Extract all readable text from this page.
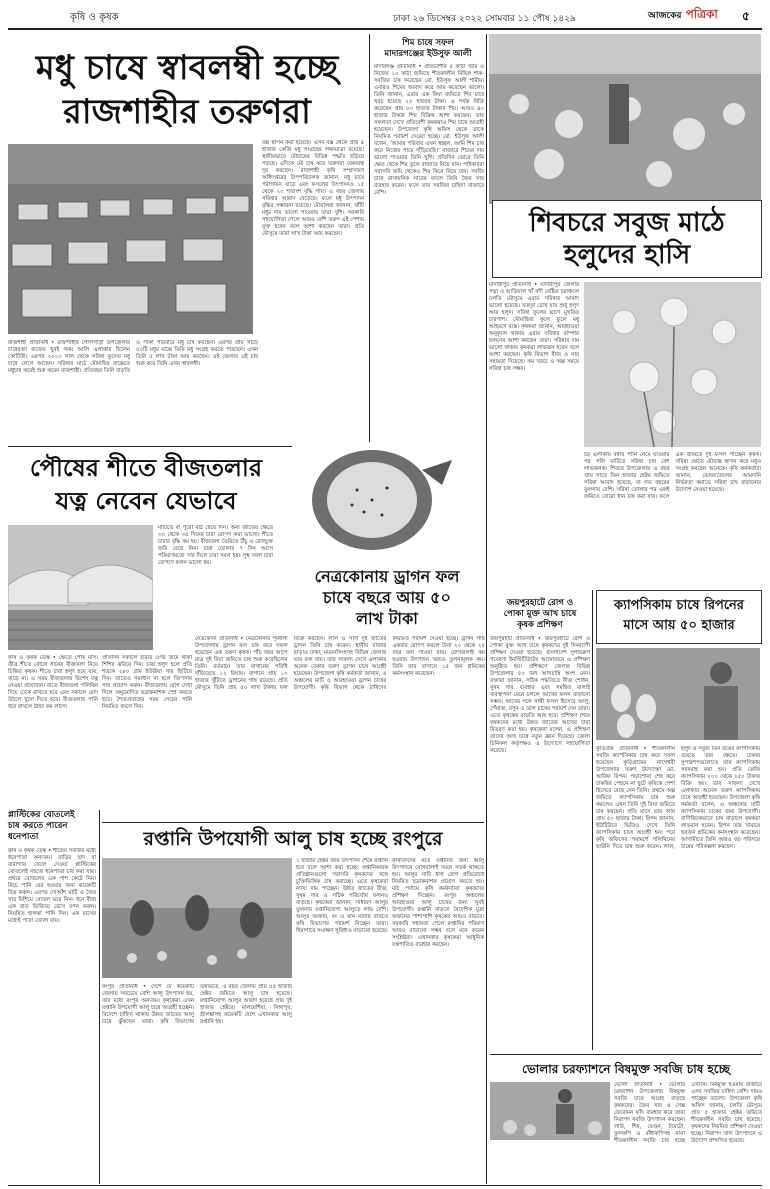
কৃষি ও কৃষক	ঢাকা ২৬ ডিসেম্বর ২০২২ সোমবার ১১ পৌষ ১৪২৯	আজকের পত্রিকা ৫
মধু চাষে স্বাবলম্বী হচ্ছে
রাজশাহীর তরুণরা
বক্স স্থাপন করা হয়েছে। এসব বক্স থেকে প্রায় ৪ হাজার কেজি মধু সংগ্রহের লক্ষ্যমাত্রা রয়েছে। স্থানীয়ভাবে মৌচাষের বিভিন্ন পদ্ধতি ছড়িয়ে পড়ছে। এদিকে মৌ চাষ করে তরুণরা বেকারত্ব দূর করছেন। রাজশাহী কৃষি সম্প্রসারণ অধিদপ্তরের উপপরিচালক জানান, মধু চাষে পরাগায়ন বাড়ে এবং ফসলের উৎপাদনও ১৫ থেকে ২০ শতাংশ বৃদ্ধি পায়। এ বছর জেলায় সরিষার আবাদ বেড়েছে। ফলে মধু উৎপাদন বৃদ্ধির সম্ভাবনা রয়েছে। মৌয়ালরা জানান, খাঁটি মধুর দাম ভালো পাওয়ায় তারা খুশি। সরকারি সহযোগিতা পেলে আরও বেশি তরুণ এই পেশায় যুক্ত হবেন বলে আশা করছেন তারা। প্রতি মৌসুমে তারা লাখ টাকা আয় করছেন।
রাজশাহী প্রতিনিধি • রাজশাহীর গোদাগাড়ী উপজেলার চাষেরজা রাজেব খুবই গরম আলি এলাকায় ছিলেন কোটিতী। এরপর ২০১৩ সাল থেকে সরিষা ফুলের মধু চাষে লেগে আছেন। সরিষার মাঠে মৌমাছির বাক্সেতে মধুচাষ করেই শুরু করেন রাজশাহী। প্রতিবছর তিনি বাড়তি ও পাকা পরিবারে মধু চাষ করছেন। এরপর প্রায় সাড়ে ৫০টি মধুর বাক্সে তিনি মধু সংগ্রহ করতে পারছেন। এখন তিনি ৫ লাখ টাকা আয় করছেন। এই জেলায় এই চাষ শুরু করে তিনি এখন স্বাবলম্বী।
শিম চাষে সফল
মাদারগঞ্জের ইউসুফ আলী
মাদারগঞ্জ প্রতিনিধি • প্রতিবেশীর ৫ কাঠা জমি ও নিজের ১০ কাঠা জমিতে শীতকালীন বিভিন্ন শাক-সবজির চাষ করেছেন মো. ইউসুফ আলী শামীম। এবারও শিমের আবাদ করে আয় করেছেন ভালো। তিনি জানান, এবার এক বিঘা জমিতে শিম চাষে খরচ হয়েছে ২৫ হাজার টাকা। এ পর্যন্ত বিক্রি করেছেন প্রায় ৮০ হাজার টাকার শিম। আরও ৪০ হাজার টাকার শিম বিক্রির আশা করছেন। তার সফলতা দেখে প্রতিবেশী কৃষকরাও শিম চাষে আগ্রহী হয়েছেন। উপজেলা কৃষি অফিস থেকে তাকে নিয়মিত পরামর্শ দেওয়া হচ্ছে। মো. ইউসুফ আলী বলেন, ‘আমার পরিবার এখন স্বচ্ছল, আমি শিম চাষ করে নিজের পায়ে দাঁড়িয়েছি।’ বাজারে শিমের দাম ভালো পাওয়ায় তিনি খুশি। প্রতিদিন ভোরে তিনি ক্ষেত থেকে শিম তুলে বাজারে নিয়ে যান। পাইকাররা সরাসরি জমি থেকেও শিম কিনে নিয়ে যান। সবজি চাষে রাসায়নিক সারের বদলে তিনি জৈব সার ব্যবহার করেন। ফলে তার সবজির চাহিদা বাজারে বেশি।
শিবচরে সবুজ মাঠে
হলুদের হাসি
মাদারীপুর প্রতিনিধি • মাদারীপুর জেলার পদ্মা ও আড়িয়াল খাঁ নদী বেষ্টিত চরাঞ্চলে চলতি মৌসুমে এবার সরিষার আবাদ ভালো হয়েছে। যতদূর চোখ যায় শুধু হলুদ আর হলুদ। সরিষা ফুলের ঘ্রাণে মুখরিত চারপাশ। মৌমাছিরা ফুলে ফুলে মধু আহরণে ব্যস্ত। কৃষকরা জানান, আবহাওয়া অনুকূলে থাকায় এবার সরিষার বাম্পার ফলনের আশা করছেন তারা। সরিষার দাম ভালো থাকায় কৃষকরা লাভবান হবেন বলে আশা করছেন। কৃষি বিভাগ বীজ ও সার সহায়তা দিয়েছে। কম খরচে ও অল্প সময়ে সরিষা চাষ সম্ভব।
চর এলাকায় বর্ষার পানি নেমে যাওয়ার পর পলি মাটিতে সরিষা চাষ বেশ লাভজনক। শিবচর উপজেলায় এ বছর প্রায় সাড়ে তিন হাজার হেক্টর জমিতে সরিষা আবাদ হয়েছে, যা গত বছরের তুলনায় বেশি। সরিষা তোলার পর একই জমিতে বোরো ধান চাষ করা যায়। ফলে এক জমিতে দুই ফসল পাচ্ছেন কৃষক। সরিষা ক্ষেতে মৌবাক্স স্থাপন করে মধুও সংগ্রহ করছেন অনেকে। কৃষি কর্মকর্তারা জানান, ভোজ্যতেলের আমদানি নির্ভরতা কমাতে সরিষা চাষ বাড়ানোর উদ্যোগ নেওয়া হয়েছে।
পৌষের শীতে বীজতলার
যত্ন নেবেন যেভাবে
মাটিতে বা পুরো মাঠ ছেয়ে দিন। অন্য জাতের ক্ষেত্রে ৩০ থেকে ৩৫ দিনের চারা রোপণ করা ভালো। শীতে চারার বৃদ্ধি কম হয়। বীজতলা তৈরিতে উঁচু ও রোদযুক্ত জমি বেছে নিন। চারা তোলার ৭ দিন আগে পরিমাণমতো সার দিলে চারা সবল হয়। সুস্থ সবল চারা রোপণে ফলন ভালো হয়।
কৃষি ও কৃষক ডেস্ক • ক্ষেতে পৌষ মাস। তীব্র শীতে বোরো ধানের বীজতলা নিয়ে চিন্তিত কৃষক। শীতে চারা হলুদ হয়ে যায়, বাড়ে না। এ সময় বীজতলায় বিশেষ যত্ন নেওয়া প্রয়োজন। রাতে বীজতলা পলিথিন দিয়ে ঢেকে রাখতে হবে এবং সকালে রোদ উঠলে খুলে দিতে হবে। বীজতলায় পানি ধরে রাখলে ঠান্ডা কম লাগে।
প্রতিদিন সকালে চারার ওপর জমে থাকা শিশির ঝরিয়ে দিন। চারা হলুদ হলে প্রতি শতকে ২৮০ গ্রাম ইউরিয়া সার ছিটিয়ে দিন। তাতেও সমাধান না হলে জিপসাম সার প্রয়োগ করুন। বীজতলায় রোগ দেখা দিলে অনুমোদিত ছত্রাকনাশক স্প্রে করতে হবে। শৈত্যপ্রবাহের সময় সেচের পানি নিয়মিত বদলে দিন।
প্লাস্টিকের বোতলেই
চাষ করতে পারেন
ধনেপাতা
কৃষি ও কৃষক ডেস্ক • শীতের সবজির মধ্যে ধনেপাতা অন্যতম। বাড়ির ছাদ বা বারান্দায় ফেলে দেওয়া প্লাস্টিকের বোতলেই সহজে ধনেপাতা চাষ করা যায়। প্রথমে বোতলের এক পাশ কেটে নিন। নিচে পানি বের হওয়ার জন্য কয়েকটি ছিদ্র করুন। এরপর দোআঁশ মাটি ও জৈব সার মিশিয়ে বোতল ভরে নিন। ধনে বীজ এক রাত ভিজিয়ে রেখে বপন করুন। নিয়মিত হালকা পানি দিন। এক মাসের মধ্যেই পাতা তোলা যায়।
নেত্রকোনায় ড্রাগন ফল
চাষে বছরে আয় ৫০
লাখ টাকা
নেত্রকোনা প্রতিনিধি • নেত্রকোনার পূর্বধলা উপজেলায় ড্রাগন ফল চাষ করে সফল হয়েছেন এক তরুণ কৃষক। পাঁচ বছর আগে মাত্র দুই বিঘা জমিতে চাষ শুরু করেছিলেন তিনি। বর্তমানে তার বাগানের পরিধি দাঁড়িয়েছে ১২ বিঘায়। বাগানে প্রায় ১০ হাজার খুঁটিতে ড্রাগনের গাছ রয়েছে। প্রতি মৌসুমে তিনি প্রায় ৫০ লাখ টাকার ফল বিক্রি করছেন। লাল ও সাদা দুই জাতের ড্রাগন তিনি চাষ করেন। স্থানীয় বাজার ছাড়াও ঢাকা, ময়মনসিংহসহ বিভিন্ন জেলায় তার ফল যায়। তার সাফল্য দেখে এলাকার অনেক বেকার তরুণ ড্রাগন চাষে আগ্রহী হয়েছেন। উপজেলা কৃষি কর্মকর্তা জানান, এ অঞ্চলের মাটি ও আবহাওয়া ড্রাগন চাষের উপযোগী। কৃষি বিভাগ থেকে চাষিদের নিয়মিত পরামর্শ দেওয়া হচ্ছে। ড্রাগন গাছ একবার রোপণ করলে টানা ২০ থেকে ২৫ বছর ফল পাওয়া যায়। রোগবালাই কম হওয়ায় উৎপাদন খরচও তুলনামূলক কম। তিনি তার বাগানে ১৫ জন শ্রমিকের কর্মসংস্থান করেছেন।
জয়পুরহাটে রোগ ও
পোকা মুক্ত আখ চাষে
কৃষক প্রশিক্ষণ
জয়পুরহাট প্রতিনিধি • জয়পুরহাটে রোগ ও পোকা মুক্ত আখ চাষে কৃষকদের দুই দিনব্যাপী প্রশিক্ষণ দেওয়া হয়েছে। বাংলাদেশ সুগারক্রপ গবেষণা ইনস্টিটিউটের আয়োজনে এ প্রশিক্ষণ অনুষ্ঠিত হয়। প্রশিক্ষণে জেলার বিভিন্ন উপজেলার ৫০ জন আখচাষি অংশ নেন। বক্তারা জানান, সঠিক পদ্ধতিতে বীজ শোধন, সুষম সার ব্যবহার এবং সমন্বিত বালাই ব্যবস্থাপনা মেনে চললে আখের ফলন বাড়ানো সম্ভব। আখের সঙ্গে সাথী ফসল হিসেবে আলু, পেঁয়াজ, রসুন ও ডাল চাষের পরামর্শ দেন তারা। এতে কৃষকের বাড়তি আয় হবে। প্রশিক্ষণ শেষে কৃষকদের মধ্যে উন্নত জাতের আখের চারা বিতরণ করা হয়। কৃষকেরা বলেন, এ প্রশিক্ষণ তাদের আখ চাষে নতুন জ্ঞান দিয়েছে। জেলা চিনিকল কর্তৃপক্ষও এ উদ্যোগে সহযোগিতা করেছে।
ক্যাপসিকাম চাষে রিপনের
মাসে আয় ৫০ হাজার
কুড়িগ্রাম প্রতিনিধি • শীতকালীন সবজি ক্যাপসিকাম চাষ করে সফল হয়েছেন কুড়িগ্রামের নাগেশ্বরী উপজেলার তরুণ উদ্যোক্তা মো. আরিফ রিপন। পড়াশোনা শেষ করে চাকরির পেছনে না ছুটে কৃষিকে পেশা হিসেবে বেছে নেন তিনি। প্রথমে অল্প জমিতে ক্যাপসিকাম চাষ শুরু করলেও এখন তিনি দুই বিঘা জমিতে চাষ করছেন। প্রতি মাসে তার আয় প্রায় ৫০ হাজার টাকা। রিপন জানান, ইউটিউবে ভিডিও দেখে তিনি ক্যাপসিকাম চাষে আগ্রহী হন। পরে কৃষি অফিসের পরামর্শে পলিথিনের ছাউনি দিয়ে চাষ শুরু করেন। লাল, হলুদ ও সবুজ তিন রঙের ক্যাপসিকাম রয়েছে তার ক্ষেতে। ঢাকার সুপারশপগুলোতে তার ক্যাপসিকাম সরবরাহ করা হয়। প্রতি কেজি ক্যাপসিকাম ২০০ থেকে ২৫০ টাকায় বিক্রি হয়। তার সাফল্য দেখে এলাকার অনেক তরুণ ক্যাপসিকাম চাষে আগ্রহী হয়েছেন। উপজেলা কৃষি কর্মকর্তা বলেন, এ অঞ্চলের মাটি ক্যাপসিকাম চাষের জন্য উপযোগী। বাণিজ্যিকভাবে চাষ বাড়ালে কৃষকরা লাভবান হবেন। রিপন তার খামারে ছয়জন শ্রমিকের কর্মসংস্থান করেছেন। আগামীতে তিনি আরও বড় পরিসরে চাষের পরিকল্পনা করছেন।
রপ্তানি উপযোগী আলু চাষ হচ্ছে রংপুরে
রংপুর প্রতিনিধি • দেশে যে কয়েকটি জেলায় সবচেয়ে বেশি আলু উৎপাদন হয়, তার মধ্যে রংপুর অন্যতম। কৃষকেরা এখন রপ্তানি উপযোগী আলু চাষে আগ্রহী হচ্ছেন। বিদেশে চাহিদা থাকায় উন্নত জাতের আলু চাষে ঝুঁকছেন তারা। কৃষি বিভাগের তথ্যমতে, এ বছর জেলায় প্রায় ৫৫ হাজার হেক্টর জমিতে আলু চাষ হয়েছে। রপ্তানিযোগ্য আলুর আবাদ হয়েছে প্রায় দুই হাজার হেক্টরে। মালয়েশিয়া, সিঙ্গাপুর, শ্রীলঙ্কাসহ কয়েকটি দেশে এখানকার আলু রপ্তানি হয়।
১ হাজার হেক্টর জমি উৎপাদন শেষে রপ্তানি হবে বলে আশা করা হচ্ছে। রপ্তানিকারক প্রতিষ্ঠানগুলো সরাসরি কৃষকদের সঙ্গে চুক্তিভিত্তিক চাষ করাচ্ছে। এতে কৃষকেরা ন্যায্য দাম পাচ্ছেন। উন্নত জাতের বীজ, সুষম সার ও সঠিক পরিচর্যায় ফলনও বাড়ছে। কৃষকেরা জানান, সাধারণ আলুর তুলনায় রপ্তানিযোগ্য আলুতে লাভ বেশি। আলুর আকার, রং ও মান বজায় রাখতে কৃষি বিভাগের পরামর্শ নিচ্ছেন তারা। হিমাগারে সংরক্ষণ সুবিধাও বাড়ানো হয়েছে।
কৃষিবিদদের মতে রপ্তানির জন্য আলু উৎপাদনে রোগবালাই দমনে সতর্ক থাকতে হয়। আলুর নাবি ধসা রোগ প্রতিরোধে নিয়মিত ছত্রাকনাশক প্রয়োগ করতে হয়। মাঠ পর্যায়ে কৃষি কর্মকর্তারা কৃষকদের প্রশিক্ষণ দিচ্ছেন। রংপুর অঞ্চলের আবহাওয়া আলু চাষের জন্য খুবই উপযোগী। রপ্তানি বাড়লে বৈদেশিক মুদ্রা অর্জনের পাশাপাশি কৃষকের আয়ও বাড়বে। সরকারি সহায়তা পেলে রপ্তানির পরিমাণ আরও বাড়ানো সম্ভব বলে মনে করেন সংশ্লিষ্টরা। এখানকার কৃষকেরা আধুনিক যন্ত্রপাতিও ব্যবহার করছেন।
ভোলার চরফ্যাশনে বিষমুক্ত সবজি চাষ হচ্ছে
ভোলা প্রতিনিধি • ভোলার চরফ্যাশন উপজেলায় বিষমুক্ত সবজি চাষে আগ্রহ বাড়ছে কৃষকদের। জৈব সার ও সেক্স ফেরোমন ফাঁদ ব্যবহার করে তারা নিরাপদ সবজি উৎপাদন করছেন। লাউ, শিম, বেগুন, টমেটো, ফুলকপি ও বাঁধাকপিসহ নানা শীতকালীন সবজি চাষ হচ্ছে এখানে। বিষমুক্ত হওয়ায় বাজারে এসব সবজির চাহিদা বেশি। দামও পাচ্ছেন ভালো। উপজেলা কৃষি অফিস জানায়, চলতি মৌসুমে প্রায় ৫ হাজার হেক্টর জমিতে শীতকালীন সবজি চাষ হয়েছে। কৃষকদের নিয়মিত প্রশিক্ষণ দেওয়া হচ্ছে। নিরাপদ খাদ্য উৎপাদনে এ উদ্যোগ প্রশংসিত হয়েছে।
